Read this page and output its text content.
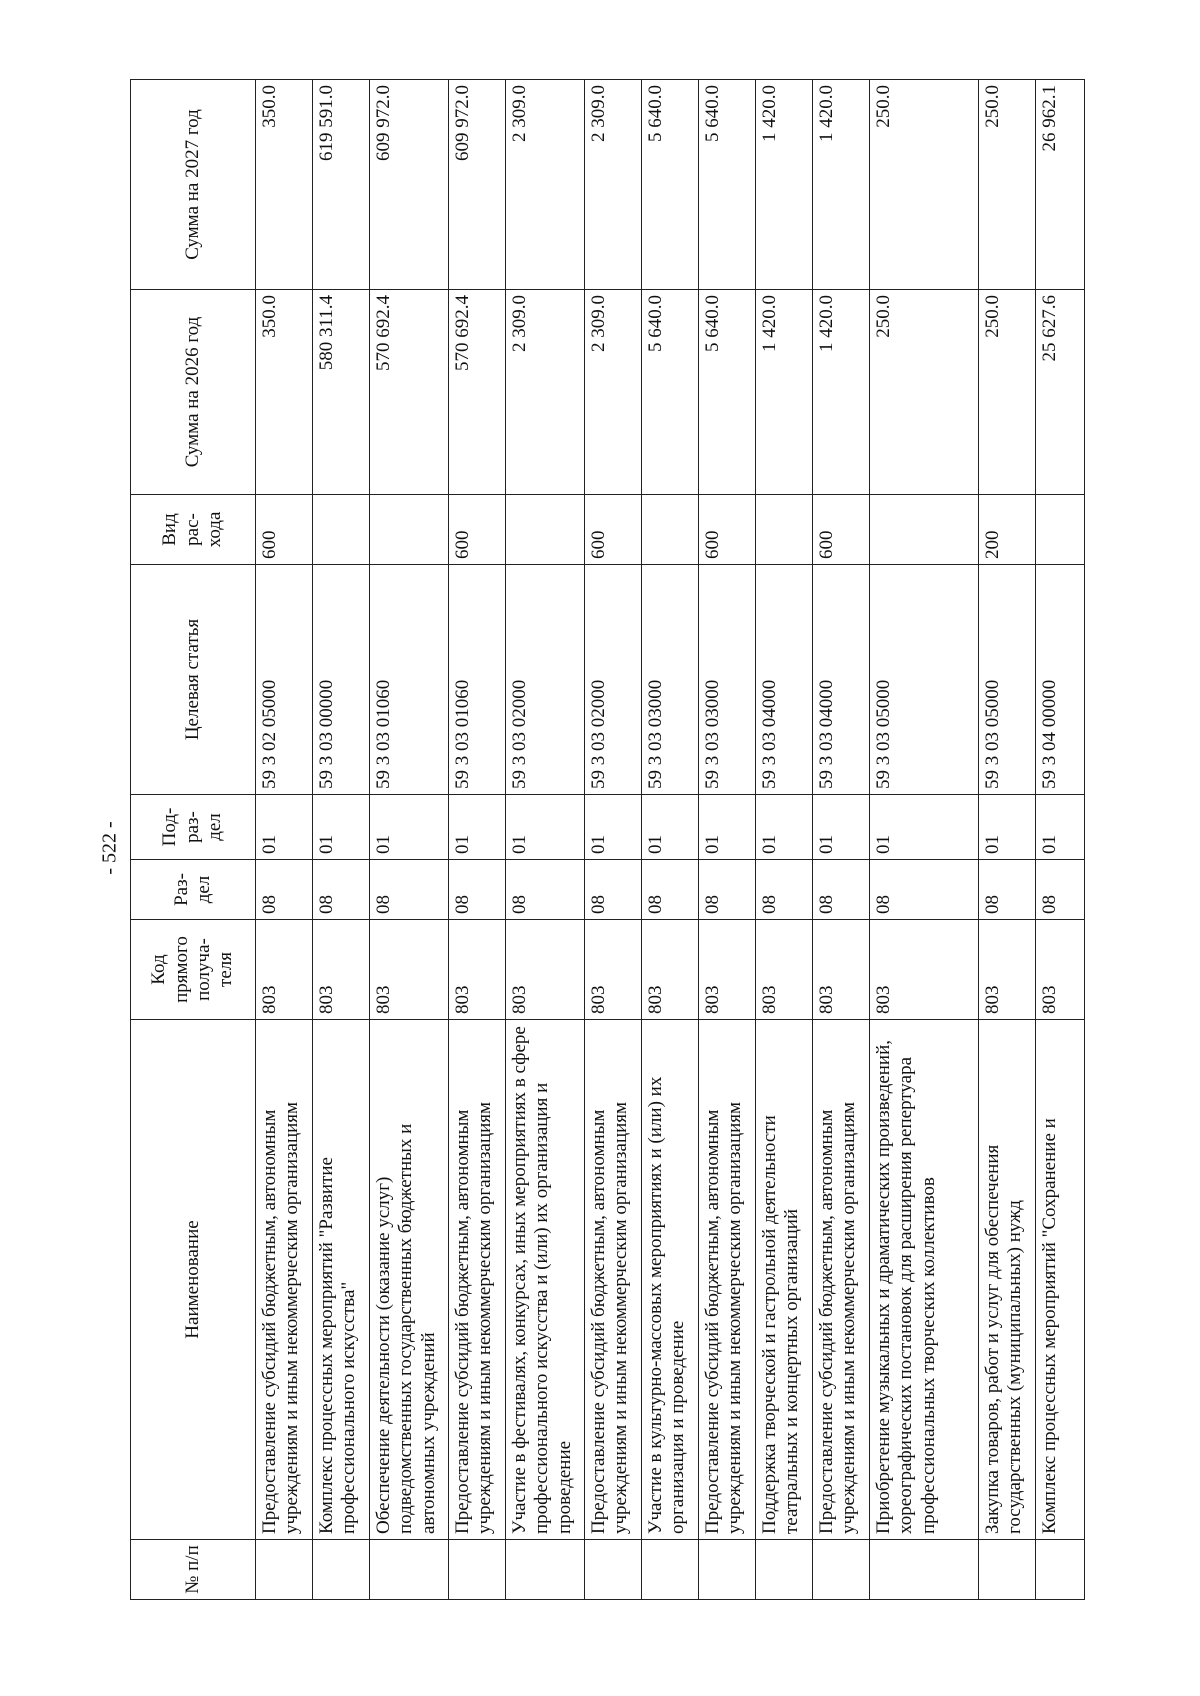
- 522 -
№ п/п	Наименование	Код прямого получа-теля	Раз-дел	Под-раз-дел	Целевая статья	Вид рас-хода	Сумма на 2026 год	Сумма на 2027 год
	Предоставление субсидий бюджетным, автономным учреждениям и иным некоммерческим организациям	803	08	01	59 3 02 05000	600	350.0	350.0
	Комплекс процессных мероприятий "Развитие профессионального искусства"	803	08	01	59 3 03 00000		580 311.4	619 591.0
	Обеспечение деятельности (оказание услуг) подведомственных государственных бюджетных и автономных учреждений	803	08	01	59 3 03 01060		570 692.4	609 972.0
	Предоставление субсидий бюджетным, автономным учреждениям и иным некоммерческим организациям	803	08	01	59 3 03 01060	600	570 692.4	609 972.0
	Участие в фестивалях, конкурсах, иных мероприятиях в сфере профессионального искусства и (или) их организация и проведение	803	08	01	59 3 03 02000		2 309.0	2 309.0
	Предоставление субсидий бюджетным, автономным учреждениям и иным некоммерческим организациям	803	08	01	59 3 03 02000	600	2 309.0	2 309.0
	Участие в культурно-массовых мероприятиях и (или) их организация и проведение	803	08	01	59 3 03 03000		5 640.0	5 640.0
	Предоставление субсидий бюджетным, автономным учреждениям и иным некоммерческим организациям	803	08	01	59 3 03 03000	600	5 640.0	5 640.0
	Поддержка творческой и гастрольной деятельности театральных и концертных организаций	803	08	01	59 3 03 04000		1 420.0	1 420.0
	Предоставление субсидий бюджетным, автономным учреждениям и иным некоммерческим организациям	803	08	01	59 3 03 04000	600	1 420.0	1 420.0
	Приобретение музыкальных и драматических произведений, хореографических постановок для расширения репертуара профессиональных творческих коллективов	803	08	01	59 3 03 05000		250.0	250.0
	Закупка товаров, работ и услуг для обеспечения государственных (муниципальных) нужд	803	08	01	59 3 03 05000	200	250.0	250.0
	Комплекс процессных мероприятий "Сохранение и	803	08	01	59 3 04 00000		25 627.6	26 962.1
